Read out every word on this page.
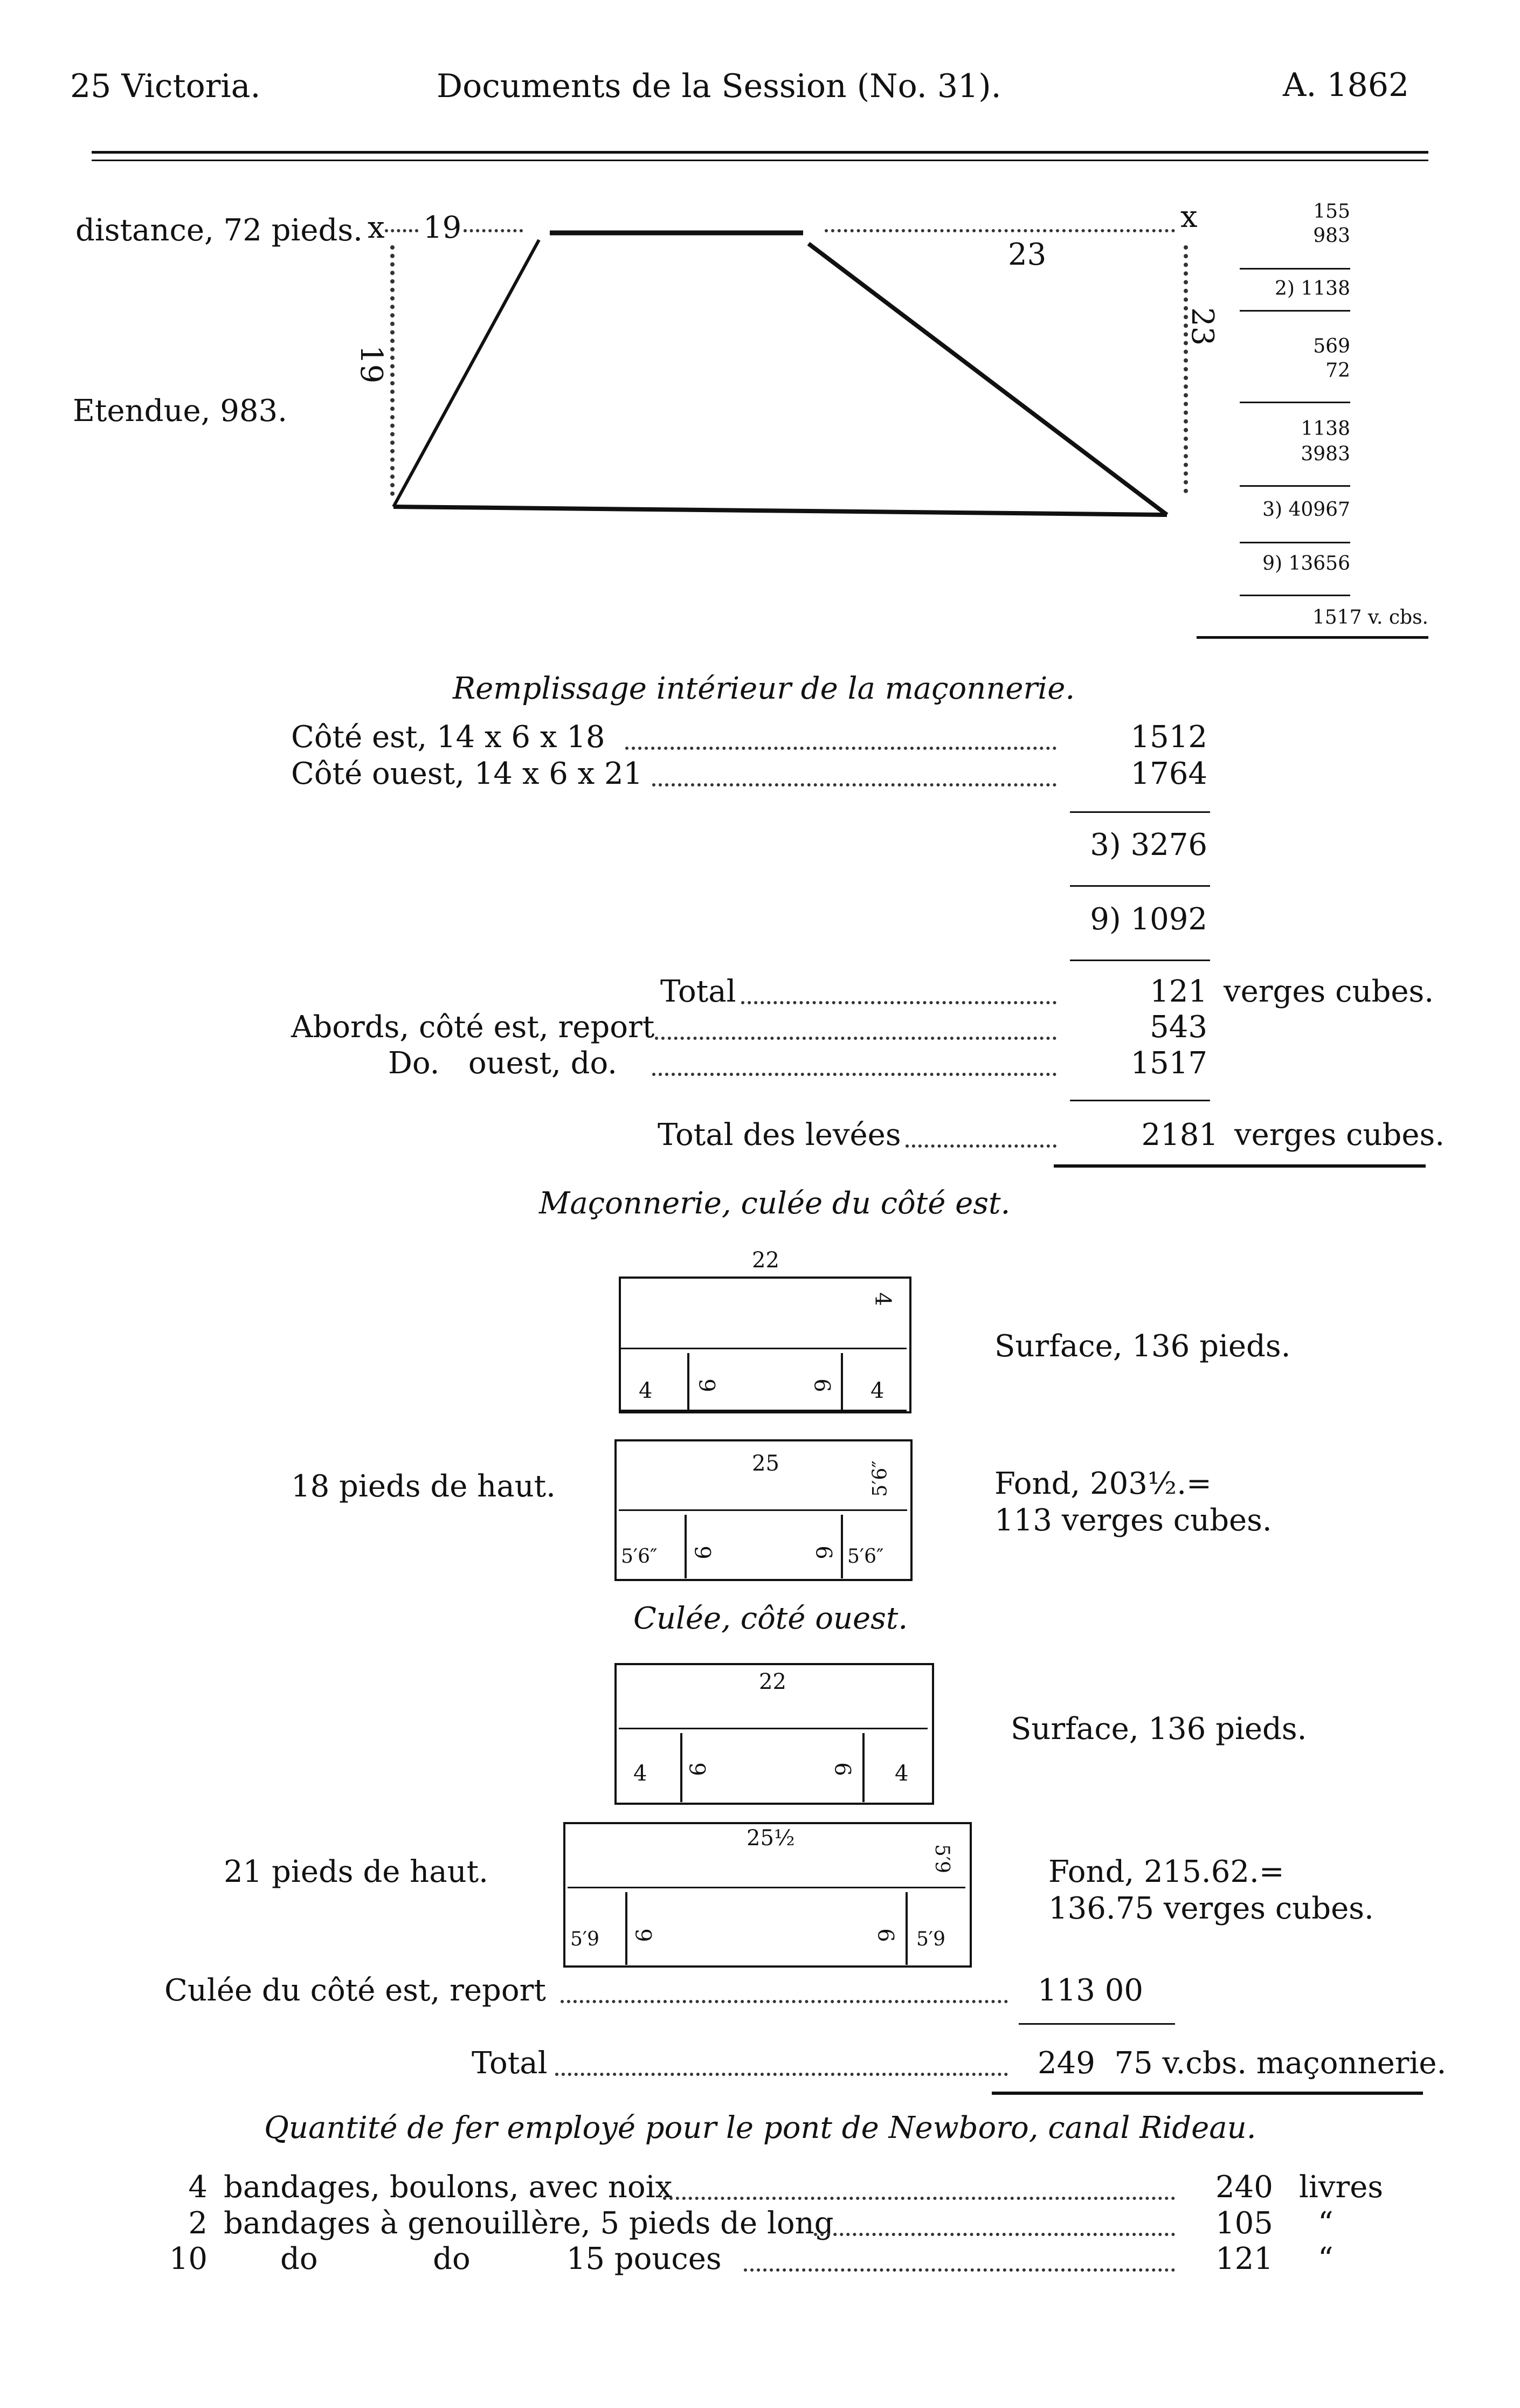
25 Victoria.	Documents de la Session (No. 31).	A. 1862
distance, 72 pieds. x 19
23
x
19
23
Etendue, 983.
155
983
2) 1138
569
72
1138
3983
3) 40967
9) 13656
1517 v. cbs.
Remplissage intérieur de la maçonnerie.
Côté est, 14 x 6 x 18	1512
Côté ouest, 14 x 6 x 21	1764
3) 3276
9) 1092
Total	121 verges cubes.
Abords, côté est, report	543
Do.   ouest, do.	1517
Total des levées	2181 verges cubes.
Maçonnerie, culée du côté est.
22
4
4 9	6 4
Surface, 136 pieds.
18 pieds de haut.
25	5′6″
5′6″ 9	6 5′6″
Fond, 203½.=
113 verges cubes.
Culée, côté ouest.
22
4 9	6 4
Surface, 136 pieds.
21 pieds de haut.
25½
5′9
5′9 9	6 5′9
Fond, 215.62.=
136.75 verges cubes.
Culée du côté est, report	113 00
Total	249  75 v.cbs. maçonnerie.
Quantité de fer employé pour le pont de Newboro, canal Rideau.
4 bandages, boulons, avec noix	240 livres
2 bandages à genouillère, 5 pieds de long	105 “
10 do            do          15 pouces	121 “
